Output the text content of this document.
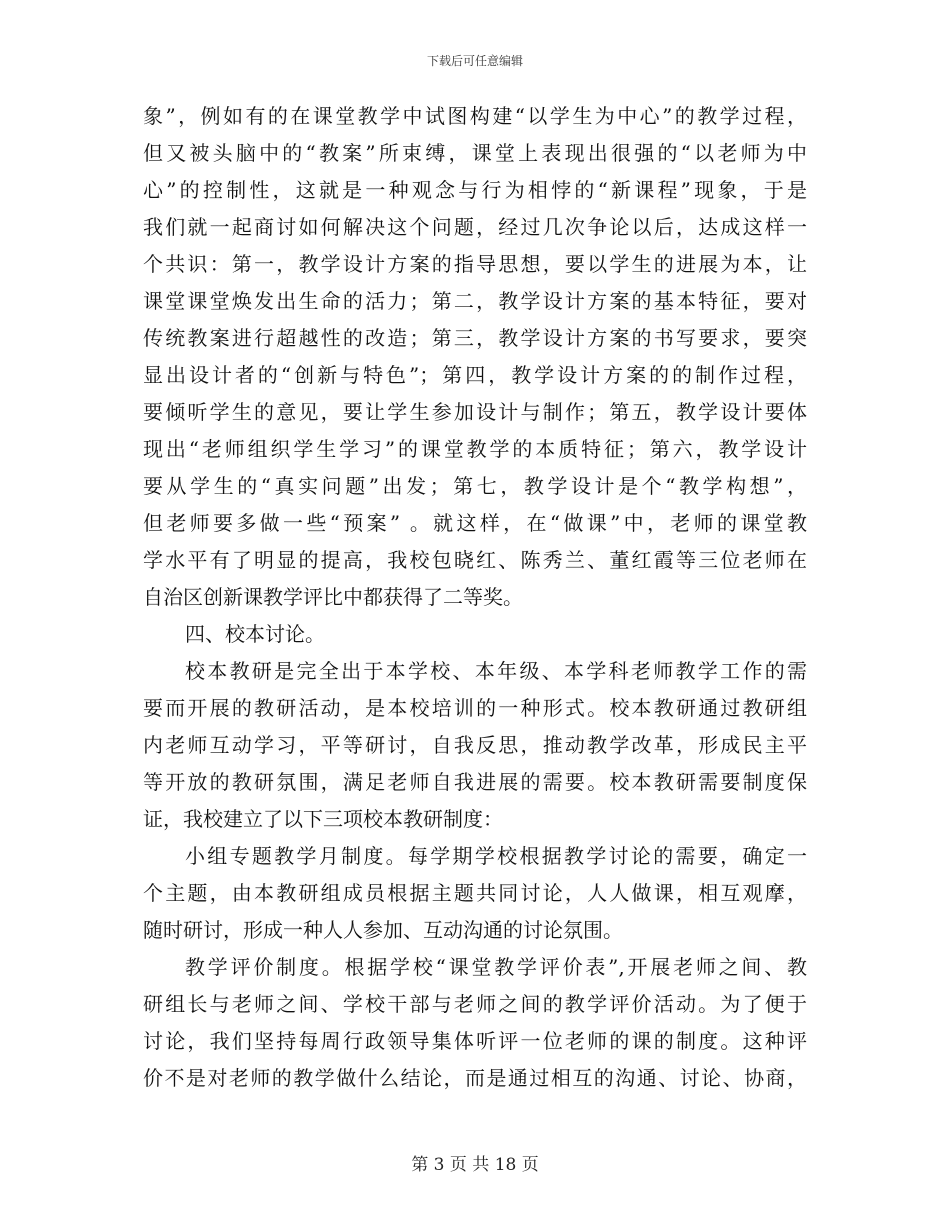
下载后可任意编辑
象”，例如有的在课堂教学中试图构建“以学生为中心”的教学过程，
但又被头脑中的“教案”所束缚，课堂上表现出很强的“以老师为中
心”的控制性，这就是一种观念与行为相悖的“新课程”现象，于是
我们就一起商讨如何解决这个问题，经过几次争论以后，达成这样一
个共识：第一，教学设计方案的指导思想，要以学生的进展为本，让
课堂课堂焕发出生命的活力；第二，教学设计方案的基本特征，要对
传统教案进行超越性的改造；第三，教学设计方案的书写要求，要突
显出设计者的“创新与特色”；第四，教学设计方案的的制作过程，
要倾听学生的意见，要让学生参加设计与制作；第五，教学设计要体
现出“老师组织学生学习”的课堂教学的本质特征；第六，教学设计
要从学生的“真实问题”出发；第七，教学设计是个“教学构想”，
但老师要多做一些“预案” 。就这样，在“做课”中，老师的课堂教
学水平有了明显的提高，我校包晓红、陈秀兰、董红霞等三位老师在
自治区创新课教学评比中都获得了二等奖。
四、校本讨论。
校本教研是完全出于本学校、本年级、本学科老师教学工作的需
要而开展的教研活动，是本校培训的一种形式。校本教研通过教研组
内老师互动学习，平等研讨，自我反思，推动教学改革，形成民主平
等开放的教研氛围，满足老师自我进展的需要。校本教研需要制度保
证，我校建立了以下三项校本教研制度：
小组专题教学月制度。每学期学校根据教学讨论的需要，确定一
个主题，由本教研组成员根据主题共同讨论，人人做课，相互观摩，
随时研讨，形成一种人人参加、互动沟通的讨论氛围。
教学评价制度。根据学校“课堂教学评价表”,开展老师之间、教
研组长与老师之间、学校干部与老师之间的教学评价活动。为了便于
讨论，我们坚持每周行政领导集体听评一位老师的课的制度。这种评
价不是对老师的教学做什么结论，而是通过相互的沟通、讨论、协商，
第 3 页 共 18 页
